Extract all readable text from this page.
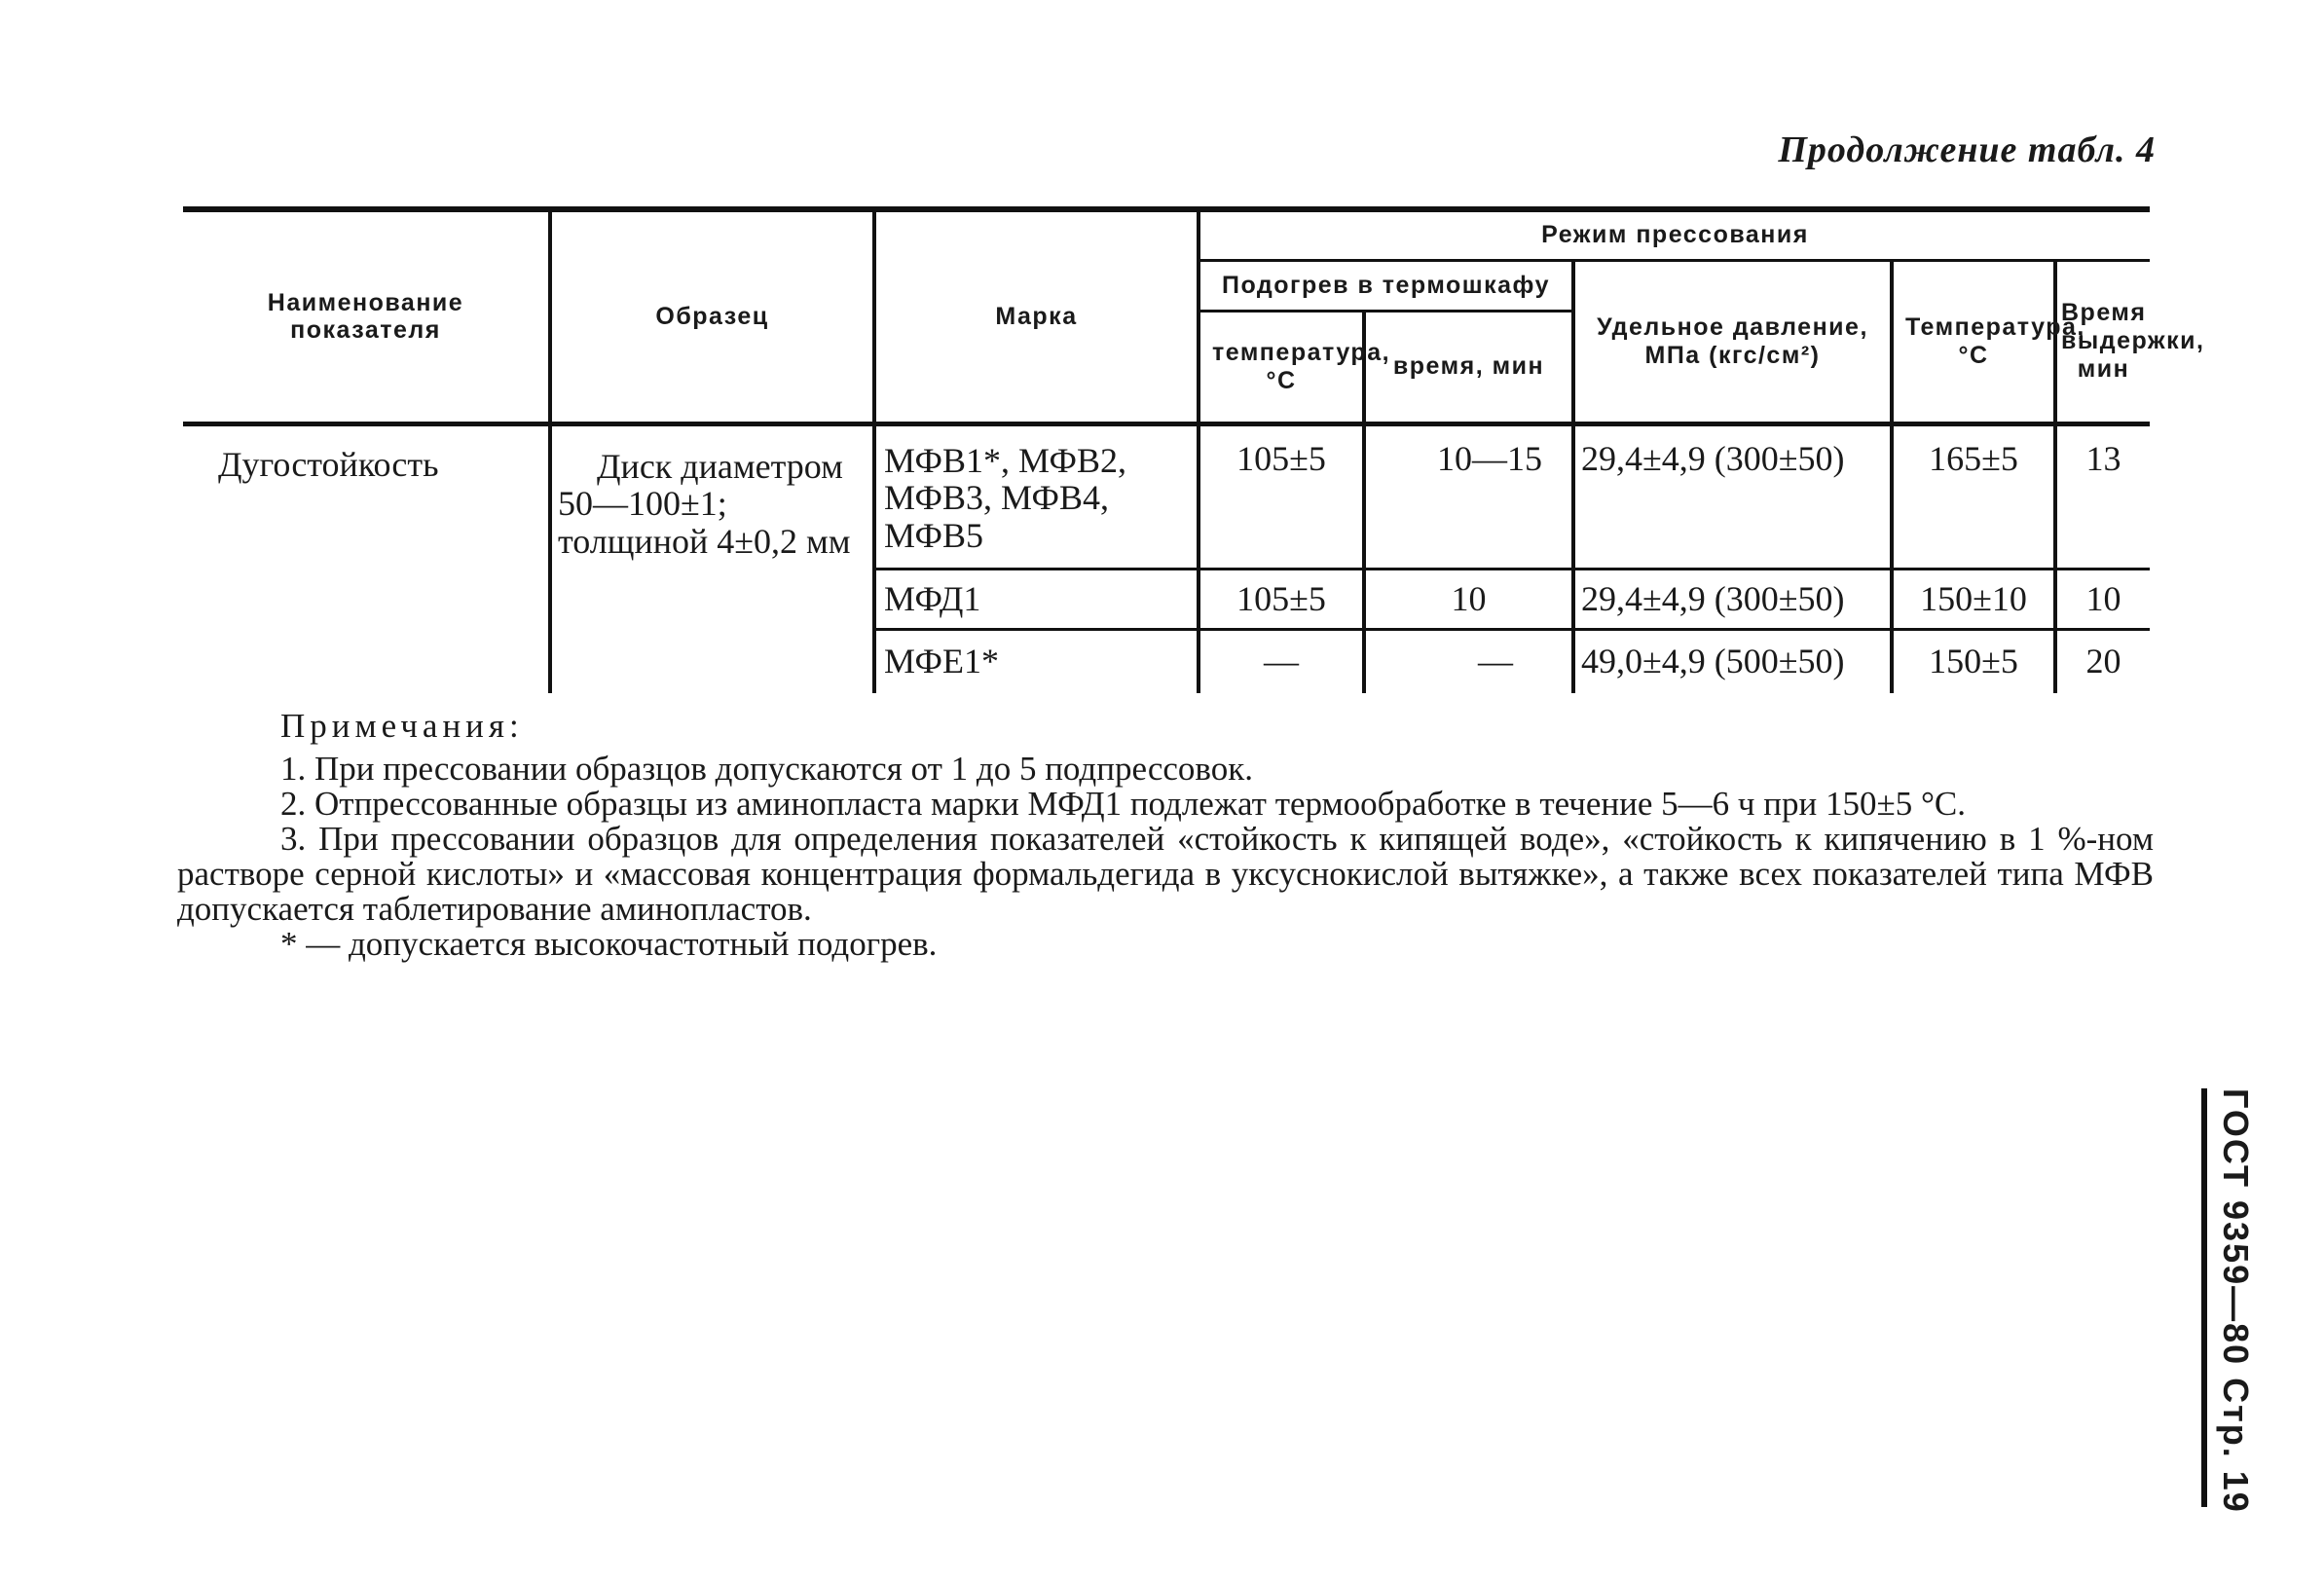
Продолжение табл. 4
Наименование показателя	Образец	Марка	Режим прессования				
			Подогрев в термошкафу		Удельное давление, МПа (кгс/см²)	Температура, °С	Время выдержки, мин
			температура, °С	время, мин			
Дугостойкость	Диск диаметром 50—100±1; толщиной 4±0,2 мм	МФВ1*, МФВ2, МФВ3, МФВ4, МФВ5	105±5	10—15	29,4±4,9 (300±50)	165±5	13
		МФД1	105±5	10	29,4±4,9 (300±50)	150±10	10
		МФЕ1*	—	—	49,0±4,9 (500±50)	150±5	20
Примечания:

1. При прессовании образцов допускаются от 1 до 5 подпрессовок.

2. Отпрессованные образцы из аминопласта марки МФД1 подлежат термообработке в течение 5—6 ч при 150±5 °С.

3. При прессовании образцов для определения показателей «стойкость к кипящей воде», «стойкость к кипячению в 1 %-ном растворе серной кислоты» и «массовая концентрация формальдегида в уксуснокислой вытяжке», а также всех показателей типа МФВ допускается таблетирование аминопластов.

* — допускается высокочастотный подогрев.

ГОСТ 9359—80 Стр. 19
